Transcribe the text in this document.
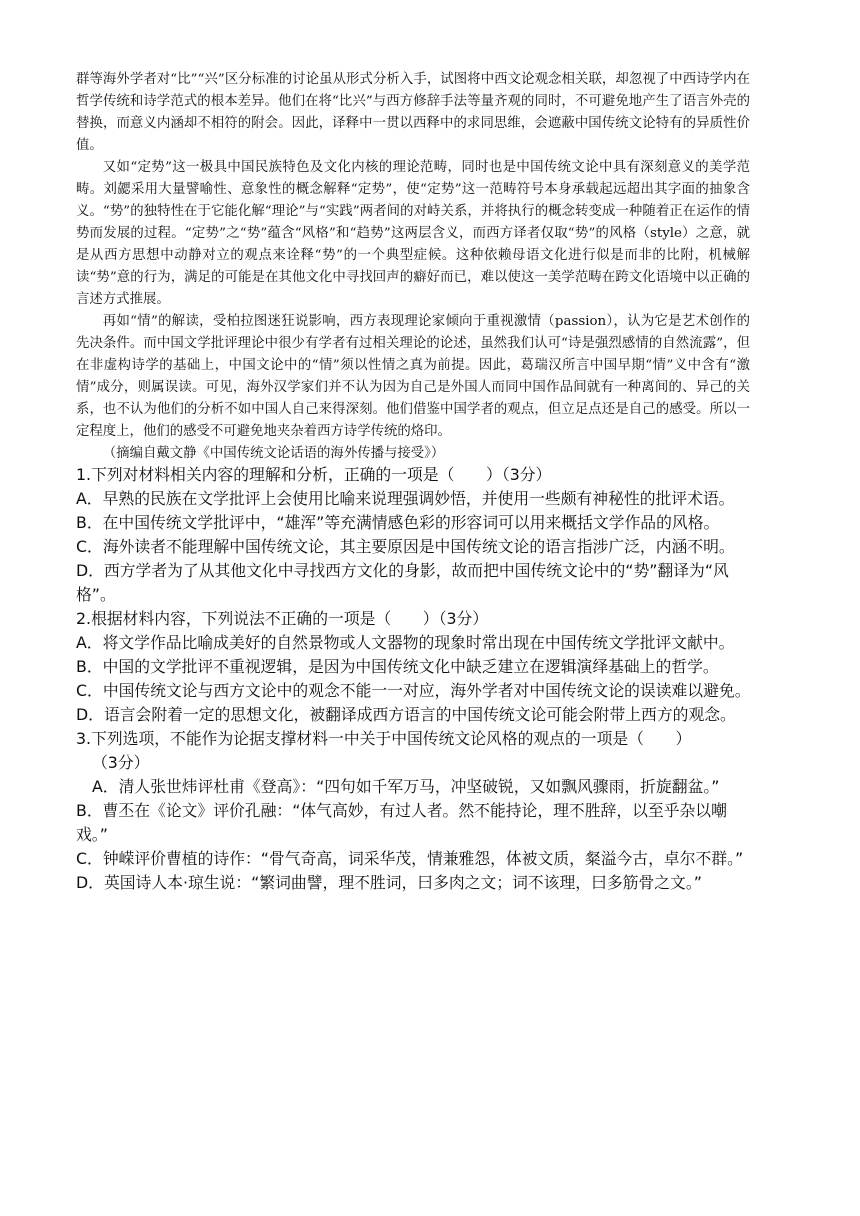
群等海外学者对“比”“兴”区分标准的讨论虽从形式分析入手，试图将中西文论观念相关联，却忽视了中西诗学内在哲学传统和诗学范式的根本差异。他们在将“比兴”与西方修辞手法等量齐观的同时，不可避免地产生了语言外壳的替换，而意义内涵却不相符的附会。因此，译释中一贯以西释中的求同思维，会遮蔽中国传统文论特有的异质性价值。

又如“定势”这一极具中国民族特色及文化内核的理论范畴，同时也是中国传统文论中具有深刻意义的美学范畴。刘勰采用大量譬喻性、意象性的概念解释“定势”，使“定势”这一范畴符号本身承载起远超出其字面的抽象含义。“势”的独特性在于它能化解“理论”与“实践”两者间的对峙关系，并将执行的概念转变成一种随着正在运作的情势而发展的过程。“定势”之“势”蕴含“风格”和“趋势”这两层含义，而西方译者仅取“势”的风格（style）之意，就是从西方思想中动静对立的观点来诠释“势”的一个典型症候。这种依赖母语文化进行似是而非的比附，机械解读“势”意的行为，满足的可能是在其他文化中寻找回声的癖好而已，难以使这一美学范畴在跨文化语境中以正确的言述方式推展。

再如“情”的解读，受柏拉图迷狂说影响，西方表现理论家倾向于重视激情（passion），认为它是艺术创作的先决条件。而中国文学批评理论中很少有学者有过相关理论的论述，虽然我们认可“诗是强烈感情的自然流露”，但在非虚构诗学的基础上，中国文论中的“情”须以性情之真为前提。因此，葛瑞汉所言中国早期“情”义中含有“激情”成分，则属误读。可见，海外汉学家们并不认为因为自己是外国人而同中国作品间就有一种离间的、异己的关系，也不认为他们的分析不如中国人自己来得深刻。他们借鉴中国学者的观点，但立足点还是自己的感受。所以一定程度上，他们的感受不可避免地夹杂着西方诗学传统的烙印。

（摘编自戴文静《中国传统文论话语的海外传播与接受》）

1.下列对材料相关内容的理解和分析，正确的一项是（　　）（3分）

A．早熟的民族在文学批评上会使用比喻来说理强调妙悟，并使用一些颇有神秘性的批评术语。

B．在中国传统文学批评中，“雄浑”等充满情感色彩的形容词可以用来概括文学作品的风格。

C．海外读者不能理解中国传统文论，其主要原因是中国传统文论的语言指涉广泛，内涵不明。

D．西方学者为了从其他文化中寻找西方文化的身影，故而把中国传统文论中的“势”翻译为“风格”。

2.根据材料内容，下列说法不正确的一项是（　　）（3分）

A．将文学作品比喻成美好的自然景物或人文器物的现象时常出现在中国传统文学批评文献中。

B．中国的文学批评不重视逻辑，是因为中国传统文化中缺乏建立在逻辑演绎基础上的哲学。

C．中国传统文论与西方文论中的观念不能一一对应，海外学者对中国传统文论的误读难以避免。

D．语言会附着一定的思想文化，被翻译成西方语言的中国传统文论可能会附带上西方的观念。

3.下列选项，不能作为论据支撑材料一中关于中国传统文论风格的观点的一项是（　　）

（3分）

A．清人张世炜评杜甫《登高》：“四句如千军万马，冲坚破锐，又如飘风骤雨，折旋翻盆。”

B．曹丕在《论文》评价孔融：“体气高妙，有过人者。然不能持论，理不胜辞，以至乎杂以嘲戏。”

C．钟嵘评价曹植的诗作：“骨气奇高，词采华茂，情兼雅怨，体被文质，粲溢今古，卓尔不群。”

D．英国诗人本·琼生说：“繁词曲譬，理不胜词，曰多肉之文；词不该理，曰多筋骨之文。”
